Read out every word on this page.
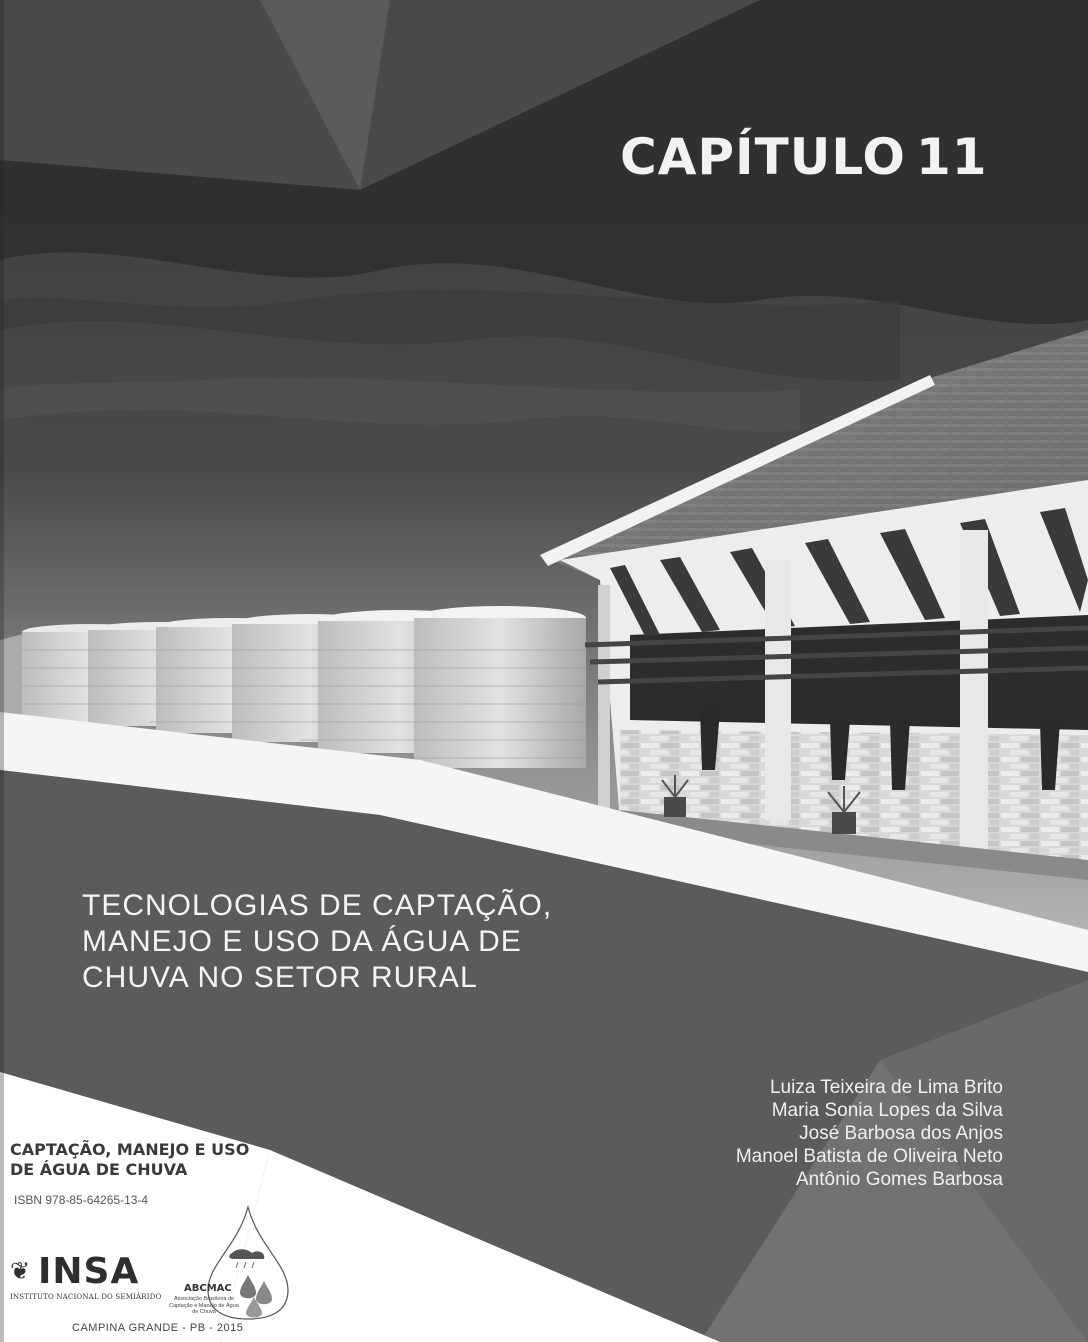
CAPÍTULO 11
TECNOLOGIAS DE CAPTAÇÃO,
MANEJO E USO DA ÁGUA DE
CHUVA NO SETOR RURAL
Luiza Teixeira de Lima Brito
Maria Sonia Lopes da Silva
José Barbosa dos Anjos
Manoel Batista de Oliveira Neto
Antônio Gomes Barbosa
CAPTAÇÃO, MANEJO E USO
DE ÁGUA DE CHUVA
ISBN 978-85-64265-13-4
❦ INSA
INSTITUTO NACIONAL DO SEMIÁRIDO
ABCMAC
Associação Brasileira de Captação e Manejo de Água de Chuva
CAMPINA GRANDE - PB - 2015
